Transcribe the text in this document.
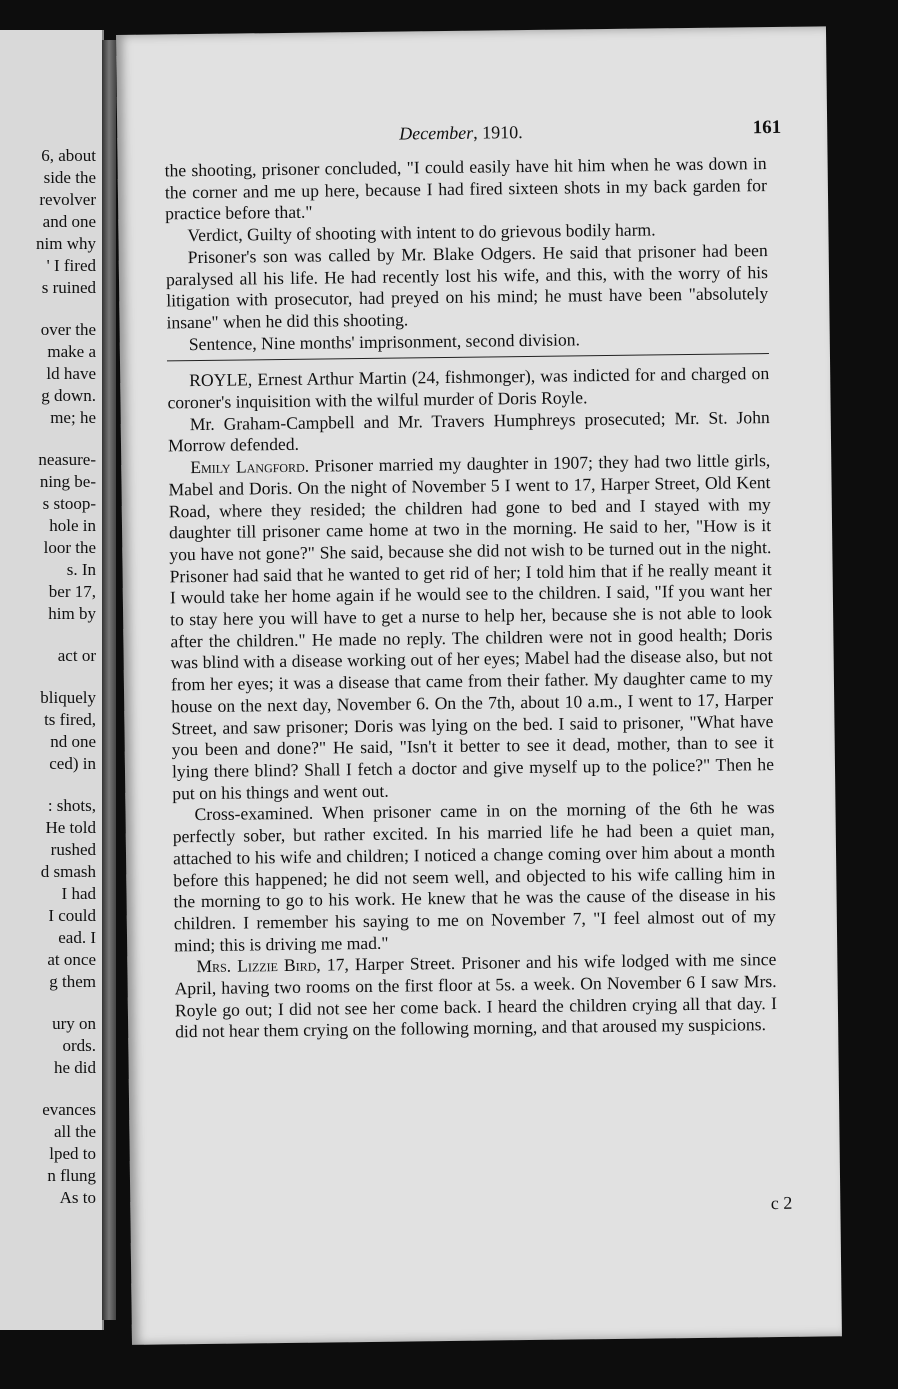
6, about
side the
revolver
and one
nim why
' I fired
s ruined
over the
make a
ld have
g down.
me; he
neasure-
ning be-
s stoop-
hole in
loor the
s. In
ber 17,
him by
act or
bliquely
ts fired,
nd one
ced) in
: shots,
He told
rushed
d smash
I had
I could
ead. I
at once
g them
ury on
ords.
he did
evances
all the
lped to
n flung
As to
December, 1910.	161

the shooting, prisoner concluded, "I could easily have hit him when he was down in the corner and me up here, because I had fired sixteen shots in my back garden for practice before that."

Verdict, Guilty of shooting with intent to do grievous bodily harm.

Prisoner's son was called by Mr. Blake Odgers. He said that prisoner had been paralysed all his life. He had recently lost his wife, and this, with the worry of his litigation with prosecutor, had preyed on his mind; he must have been "absolutely insane" when he did this shooting.

Sentence, Nine months' imprisonment, second division.

ROYLE, Ernest Arthur Martin (24, fishmonger), was indicted for and charged on coroner's inquisition with the wilful murder of Doris Royle.

Mr. Graham-Campbell and Mr. Travers Humphreys prosecuted; Mr. St. John Morrow defended.

Emily Langford. Prisoner married my daughter in 1907; they had two little girls, Mabel and Doris. On the night of November 5 I went to 17, Harper Street, Old Kent Road, where they resided; the children had gone to bed and I stayed with my daughter till prisoner came home at two in the morning. He said to her, "How is it you have not gone?" She said, because she did not wish to be turned out in the night. Prisoner had said that he wanted to get rid of her; I told him that if he really meant it I would take her home again if he would see to the children. I said, "If you want her to stay here you will have to get a nurse to help her, because she is not able to look after the children." He made no reply. The children were not in good health; Doris was blind with a disease working out of her eyes; Mabel had the disease also, but not from her eyes; it was a disease that came from their father. My daughter came to my house on the next day, November 6. On the 7th, about 10 a.m., I went to 17, Harper Street, and saw prisoner; Doris was lying on the bed. I said to prisoner, "What have you been and done?" He said, "Isn't it better to see it dead, mother, than to see it lying there blind? Shall I fetch a doctor and give myself up to the police?" Then he put on his things and went out.

Cross-examined. When prisoner came in on the morning of the 6th he was perfectly sober, but rather excited. In his married life he had been a quiet man, attached to his wife and children; I noticed a change coming over him about a month before this happened; he did not seem well, and objected to his wife calling him in the morning to go to his work. He knew that he was the cause of the disease in his children. I remember his saying to me on November 7, "I feel almost out of my mind; this is driving me mad."

Mrs. Lizzie Bird, 17, Harper Street. Prisoner and his wife lodged with me since April, having two rooms on the first floor at 5s. a week. On November 6 I saw Mrs. Royle go out; I did not see her come back. I heard the children crying all that day. I did not hear them crying on the following morning, and that aroused my suspicions.

c 2
